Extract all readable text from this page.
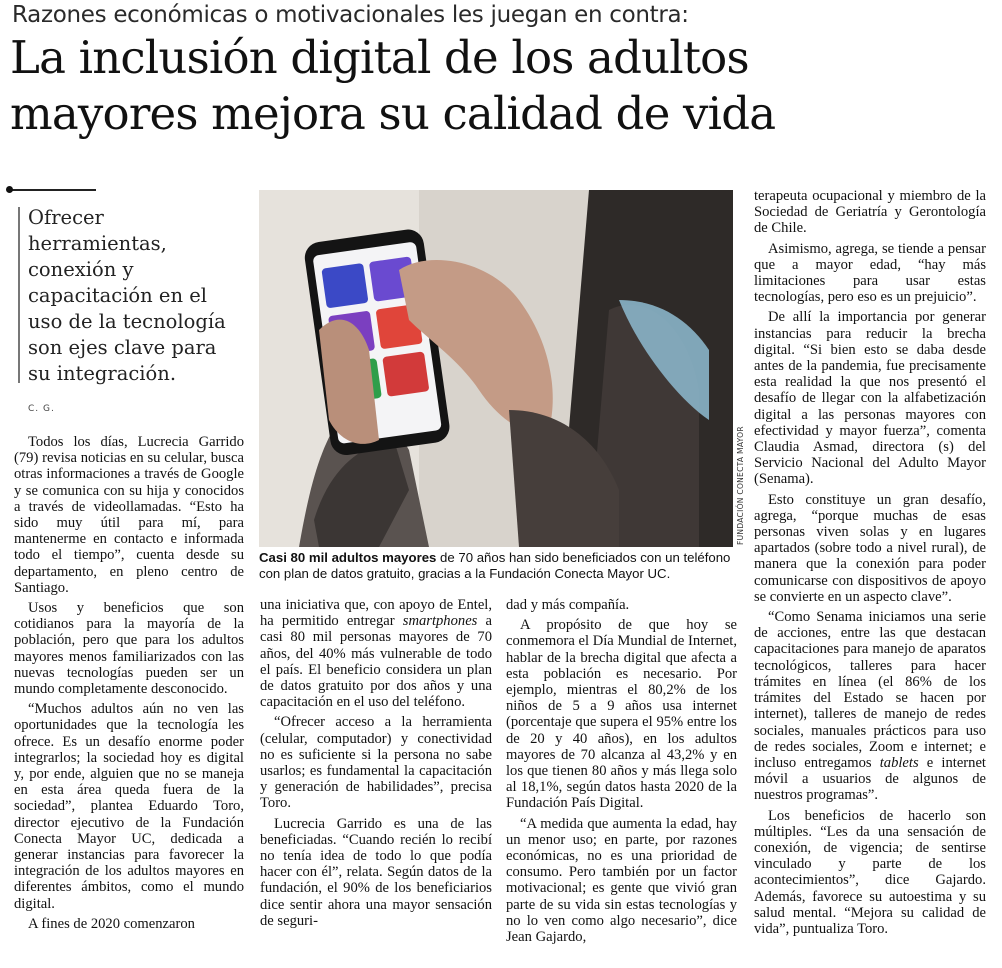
Razones económicas o motivacionales les juegan en contra:
La inclusión digital de los adultos
mayores mejora su calidad de vida
Ofrecer herramientas, conexión y capacitación en el uso de la tecnología son ejes clave para su integración.
C. G.

Todos los días, Lucrecia Garrido (79) revisa noticias en su celular, busca otras informaciones a través de Google y se comunica con su hija y conocidos a través de videollamadas. “Esto ha sido muy útil para mí, para mantenerme en contacto e informada todo el tiempo”, cuenta desde su departamento, en pleno centro de Santiago.

Usos y beneficios que son cotidianos para la mayoría de la población, pero que para los adultos mayores menos familiarizados con las nuevas tecnologías pueden ser un mundo completamente desconocido.

“Muchos adultos aún no ven las oportunidades que la tecnología les ofrece. Es un desafío enorme poder integrarlos; la sociedad hoy es digital y, por ende, alguien que no se maneja en esta área queda fuera de la sociedad”, plantea Eduardo Toro, director ejecutivo de la Fundación Conecta Mayor UC, dedicada a generar instancias para favorecer la integración de los adultos mayores en diferentes ámbitos, como el mundo digital.

A fines de 2020 comenzaron

FUNDACIÓN CONECTA MAYOR
Casi 80 mil adultos mayores de 70 años han sido beneficiados con un teléfono con plan de datos gratuito, gracias a la Fundación Conecta Mayor UC.

una iniciativa que, con apoyo de Entel, ha permitido entregar smartphones a casi 80 mil personas mayores de 70 años, del 40% más vulnerable de todo el país. El beneficio considera un plan de datos gratuito por dos años y una capacitación en el uso del teléfono.

“Ofrecer acceso a la herramienta (celular, computador) y conectividad no es suficiente si la persona no sabe usarlos; es fundamental la capacitación y generación de habilidades”, precisa Toro.

Lucrecia Garrido es una de las beneficiadas. “Cuando recién lo recibí no tenía idea de todo lo que podía hacer con él”, relata. Según datos de la fundación, el 90% de los beneficiarios dice sentir ahora una mayor sensación de seguri-

dad y más compañía.

A propósito de que hoy se conmemora el Día Mundial de Internet, hablar de la brecha digital que afecta a esta población es necesario. Por ejemplo, mientras el 80,2% de los niños de 5 a 9 años usa internet (porcentaje que supera el 95% entre los de 20 y 40 años), en los adultos mayores de 70 alcanza al 43,2% y en los que tienen 80 años y más llega solo al 18,1%, según datos hasta 2020 de la Fundación País Digital.

“A medida que aumenta la edad, hay un menor uso; en parte, por razones económicas, no es una prioridad de consumo. Pero también por un factor motivacional; es gente que vivió gran parte de su vida sin estas tecnologías y no lo ven como algo necesario”, dice Jean Gajardo,

terapeuta ocupacional y miembro de la Sociedad de Geriatría y Gerontología de Chile.

Asimismo, agrega, se tiende a pensar que a mayor edad, “hay más limitaciones para usar estas tecnologías, pero eso es un prejuicio”.

De allí la importancia por generar instancias para reducir la brecha digital. “Si bien esto se daba desde antes de la pandemia, fue precisamente esta realidad la que nos presentó el desafío de llegar con la alfabetización digital a las personas mayores con efectividad y mayor fuerza”, comenta Claudia Asmad, directora (s) del Servicio Nacional del Adulto Mayor (Senama).

Esto constituye un gran desafío, agrega, “porque muchas de esas personas viven solas y en lugares apartados (sobre todo a nivel rural), de manera que la conexión para poder comunicarse con dispositivos de apoyo se convierte en un aspecto clave”.

“Como Senama iniciamos una serie de acciones, entre las que destacan capacitaciones para manejo de aparatos tecnológicos, talleres para hacer trámites en línea (el 86% de los trámites del Estado se hacen por internet), talleres de manejo de redes sociales, manuales prácticos para uso de redes sociales, Zoom e internet; e incluso entregamos tablets e internet móvil a usuarios de algunos de nuestros programas”.

Los beneficios de hacerlo son múltiples. “Les da una sensación de conexión, de vigencia; de sentirse vinculado y parte de los acontecimientos”, dice Gajardo. Además, favorece su autoestima y su salud mental. “Mejora su calidad de vida”, puntualiza Toro.
